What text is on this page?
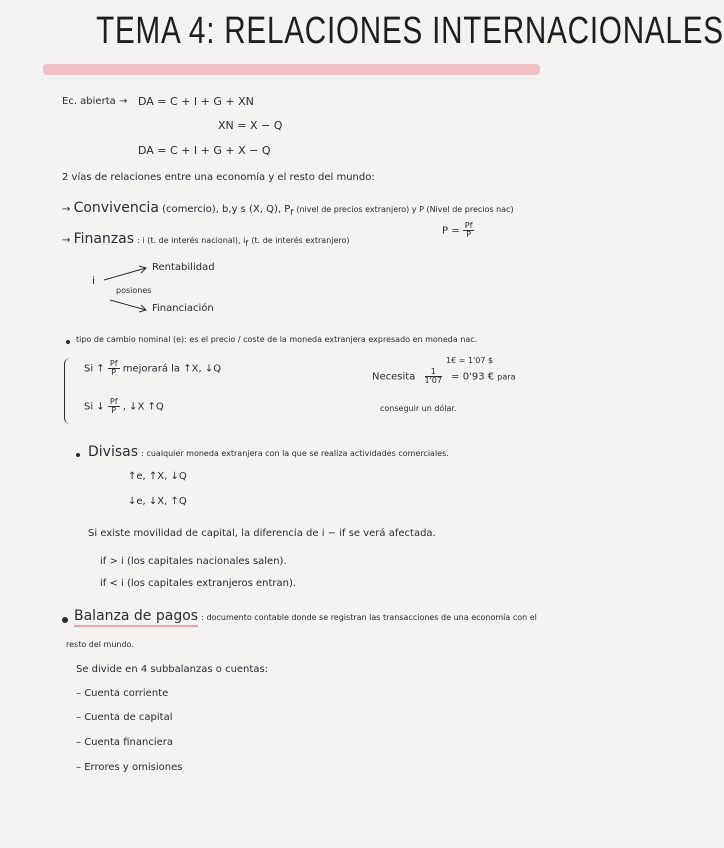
TEMA 4: RELACIONES INTERNACIONALES
Ec. abierta → DA = C + I + G + XN
XN = X − Q
DA = C + I + G + X − Q
2 vías de relaciones entre una economía y el resto del mundo:
→ Convivencia (comercio), b,y s (X, Q), $P_f$ (nivel de precios extranjero) y P (Nivel de precios nac)
→ Finanzas : i (t. de interés nacional), $i_f$ (t. de interés extranjero)
$P = \frac{Pf}{P}$
i
posiones
Rentabilidad
Financiación
tipo de cambio nominal (e): es el precio / coste de la moneda extranjera expresado en moneda nac.
Si ↑ $\frac{Pf}{P}$ mejorará la ↑X, ↓Q
Si ↓ $\frac{Pf}{P}$ , ↓X ↑Q
1€ = 1'07 $
Necesita $\frac{1}{1'07} = 0'93$ € para
conseguir un dólar.
Divisas : cualquier moneda extranjera con la que se realiza actividades comerciales.
↑e, ↑X, ↓Q
↓e, ↓X, ↑Q
Si existe movilidad de capital, la diferencia de i − if se verá afectada.
if > i (los capitales nacionales salen).
if < i (los capitales extranjeros entran).
Balanza de pagos : documento contable donde se registran las transacciones de una economía con el
resto del mundo.
Se divide en 4 subbalanzas o cuentas:
– Cuenta corriente
– Cuenta de capital
– Cuenta financiera
– Errores y omisiones
